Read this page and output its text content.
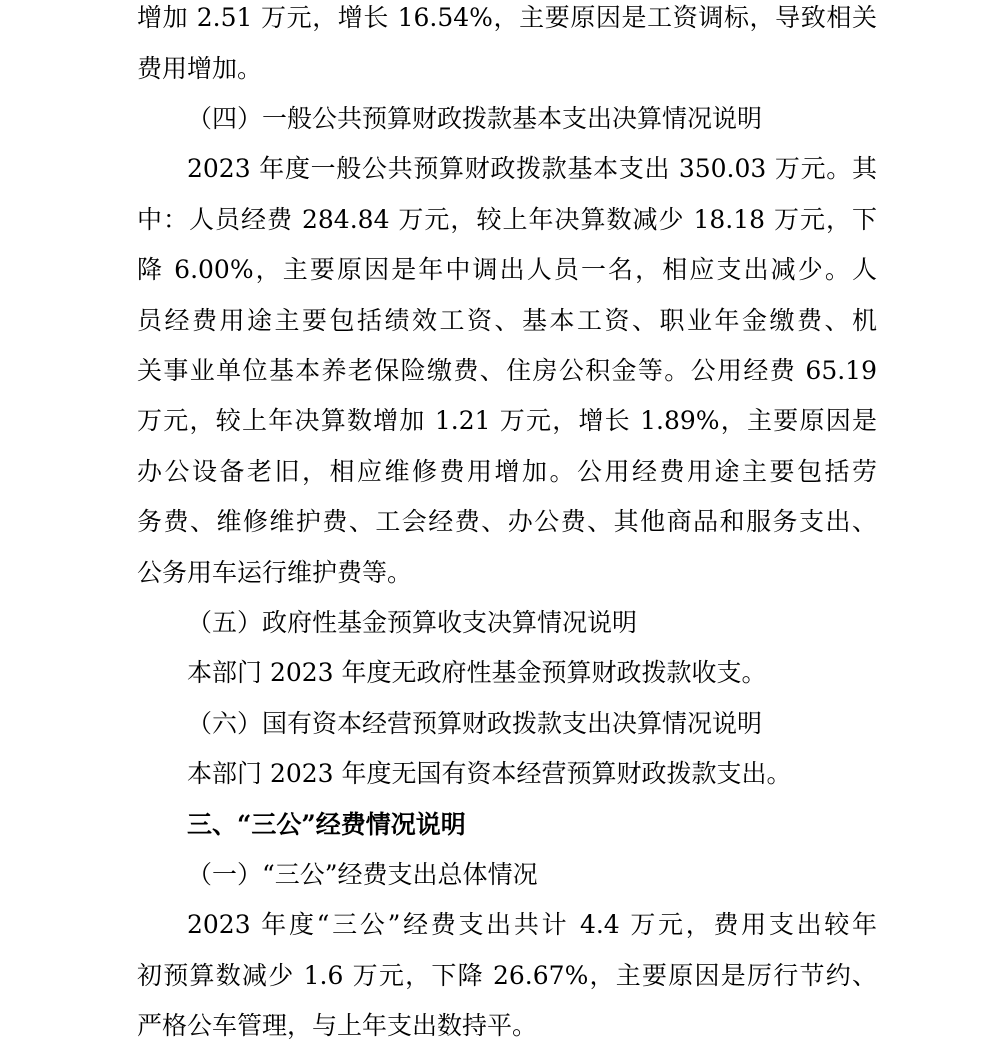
增加 2.51 万元，增长 16.54%，主要原因是工资调标，导致相关
费用增加。
（四）一般公共预算财政拨款基本支出决算情况说明
2023 年度一般公共预算财政拨款基本支出 350.03 万元。其
中：人员经费 284.84 万元，较上年决算数减少 18.18 万元，下
降 6.00%，主要原因是年中调出人员一名，相应支出减少。人
员经费用途主要包括绩效工资、基本工资、职业年金缴费、机
关事业单位基本养老保险缴费、住房公积金等。公用经费 65.19
万元，较上年决算数增加 1.21 万元，增长 1.89%，主要原因是
办公设备老旧，相应维修费用增加。公用经费用途主要包括劳
务费、维修维护费、工会经费、办公费、其他商品和服务支出、
公务用车运行维护费等。
（五）政府性基金预算收支决算情况说明
本部门 2023 年度无政府性基金预算财政拨款收支。
（六）国有资本经营预算财政拨款支出决算情况说明
本部门 2023 年度无国有资本经营预算财政拨款支出。
三、“三公”经费情况说明
（一）“三公”经费支出总体情况
2023 年度“三公”经费支出共计 4.4 万元，费用支出较年
初预算数减少 1.6 万元，下降 26.67%，主要原因是厉行节约、
严格公车管理，与上年支出数持平。
